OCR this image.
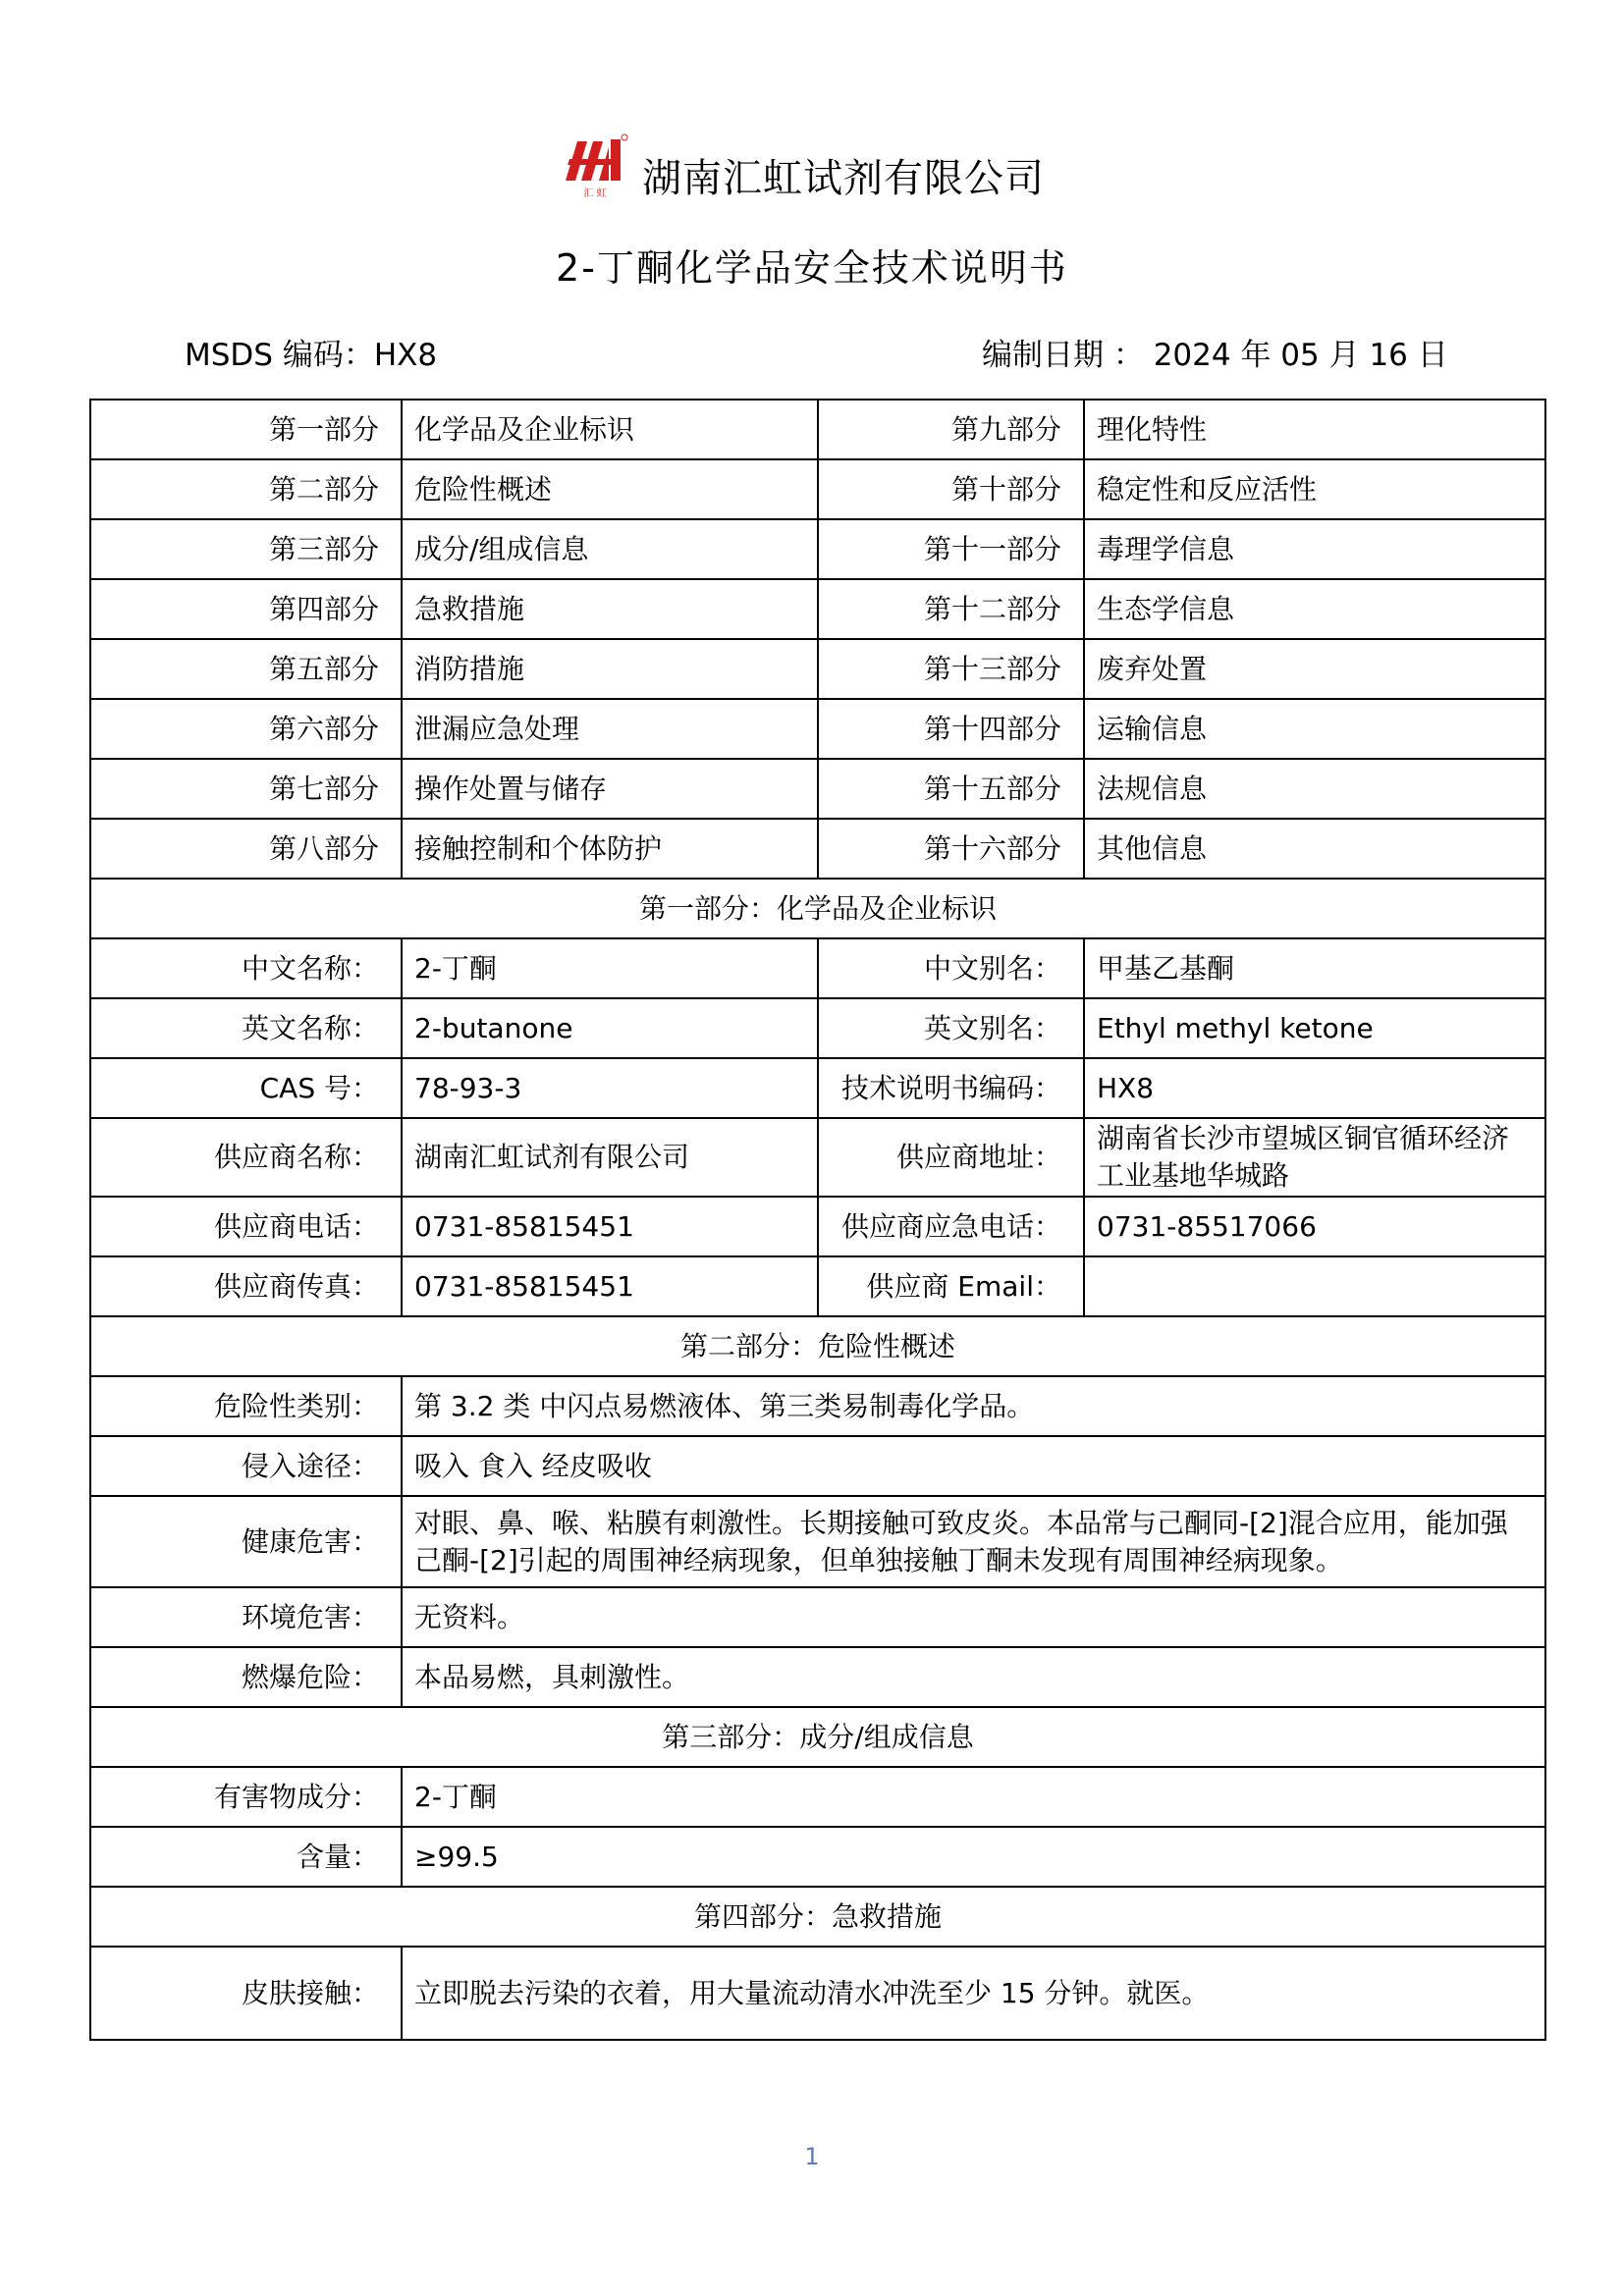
汇 虹 湖南汇虹试剂有限公司
2-丁酮化学品安全技术说明书
MSDS 编码：HX8	编制日期 ： 2024 年 05 月 16 日
第一部分	化学品及企业标识	第九部分	理化特性
第二部分	危险性概述	第十部分	稳定性和反应活性
第三部分	成分/组成信息	第十一部分	毒理学信息
第四部分	急救措施	第十二部分	生态学信息
第五部分	消防措施	第十三部分	废弃处置
第六部分	泄漏应急处理	第十四部分	运输信息
第七部分	操作处置与储存	第十五部分	法规信息
第八部分	接触控制和个体防护	第十六部分	其他信息
第一部分：化学品及企业标识			
中文名称：	2-丁酮	中文别名：	甲基乙基酮
英文名称：	2-butanone	英文别名：	Ethyl methyl ketone
CAS 号：	78-93-3	技术说明书编码：	HX8
供应商名称：	湖南汇虹试剂有限公司	供应商地址：	湖南省长沙市望城区铜官循环经济工业基地华城路
供应商电话：	0731-85815451	供应商应急电话：	0731-85517066
供应商传真：	0731-85815451	供应商 Email：	
第二部分：危险性概述			
危险性类别：	第 3.2 类 中闪点易燃液体、第三类易制毒化学品。		
侵入途径：	吸入 食入 经皮吸收		
健康危害：	对眼、鼻、喉、粘膜有刺激性。长期接触可致皮炎。本品常与己酮同-[2]混合应用，能加强己酮-[2]引起的周围神经病现象，但单独接触丁酮未发现有周围神经病现象。		
环境危害：	无资料。		
燃爆危险：	本品易燃，具刺激性。		
第三部分：成分/组成信息			
有害物成分：	2-丁酮		
含量：	≥99.5		
第四部分：急救措施			
皮肤接触：	立即脱去污染的衣着，用大量流动清水冲洗至少 15 分钟。就医。		
1
